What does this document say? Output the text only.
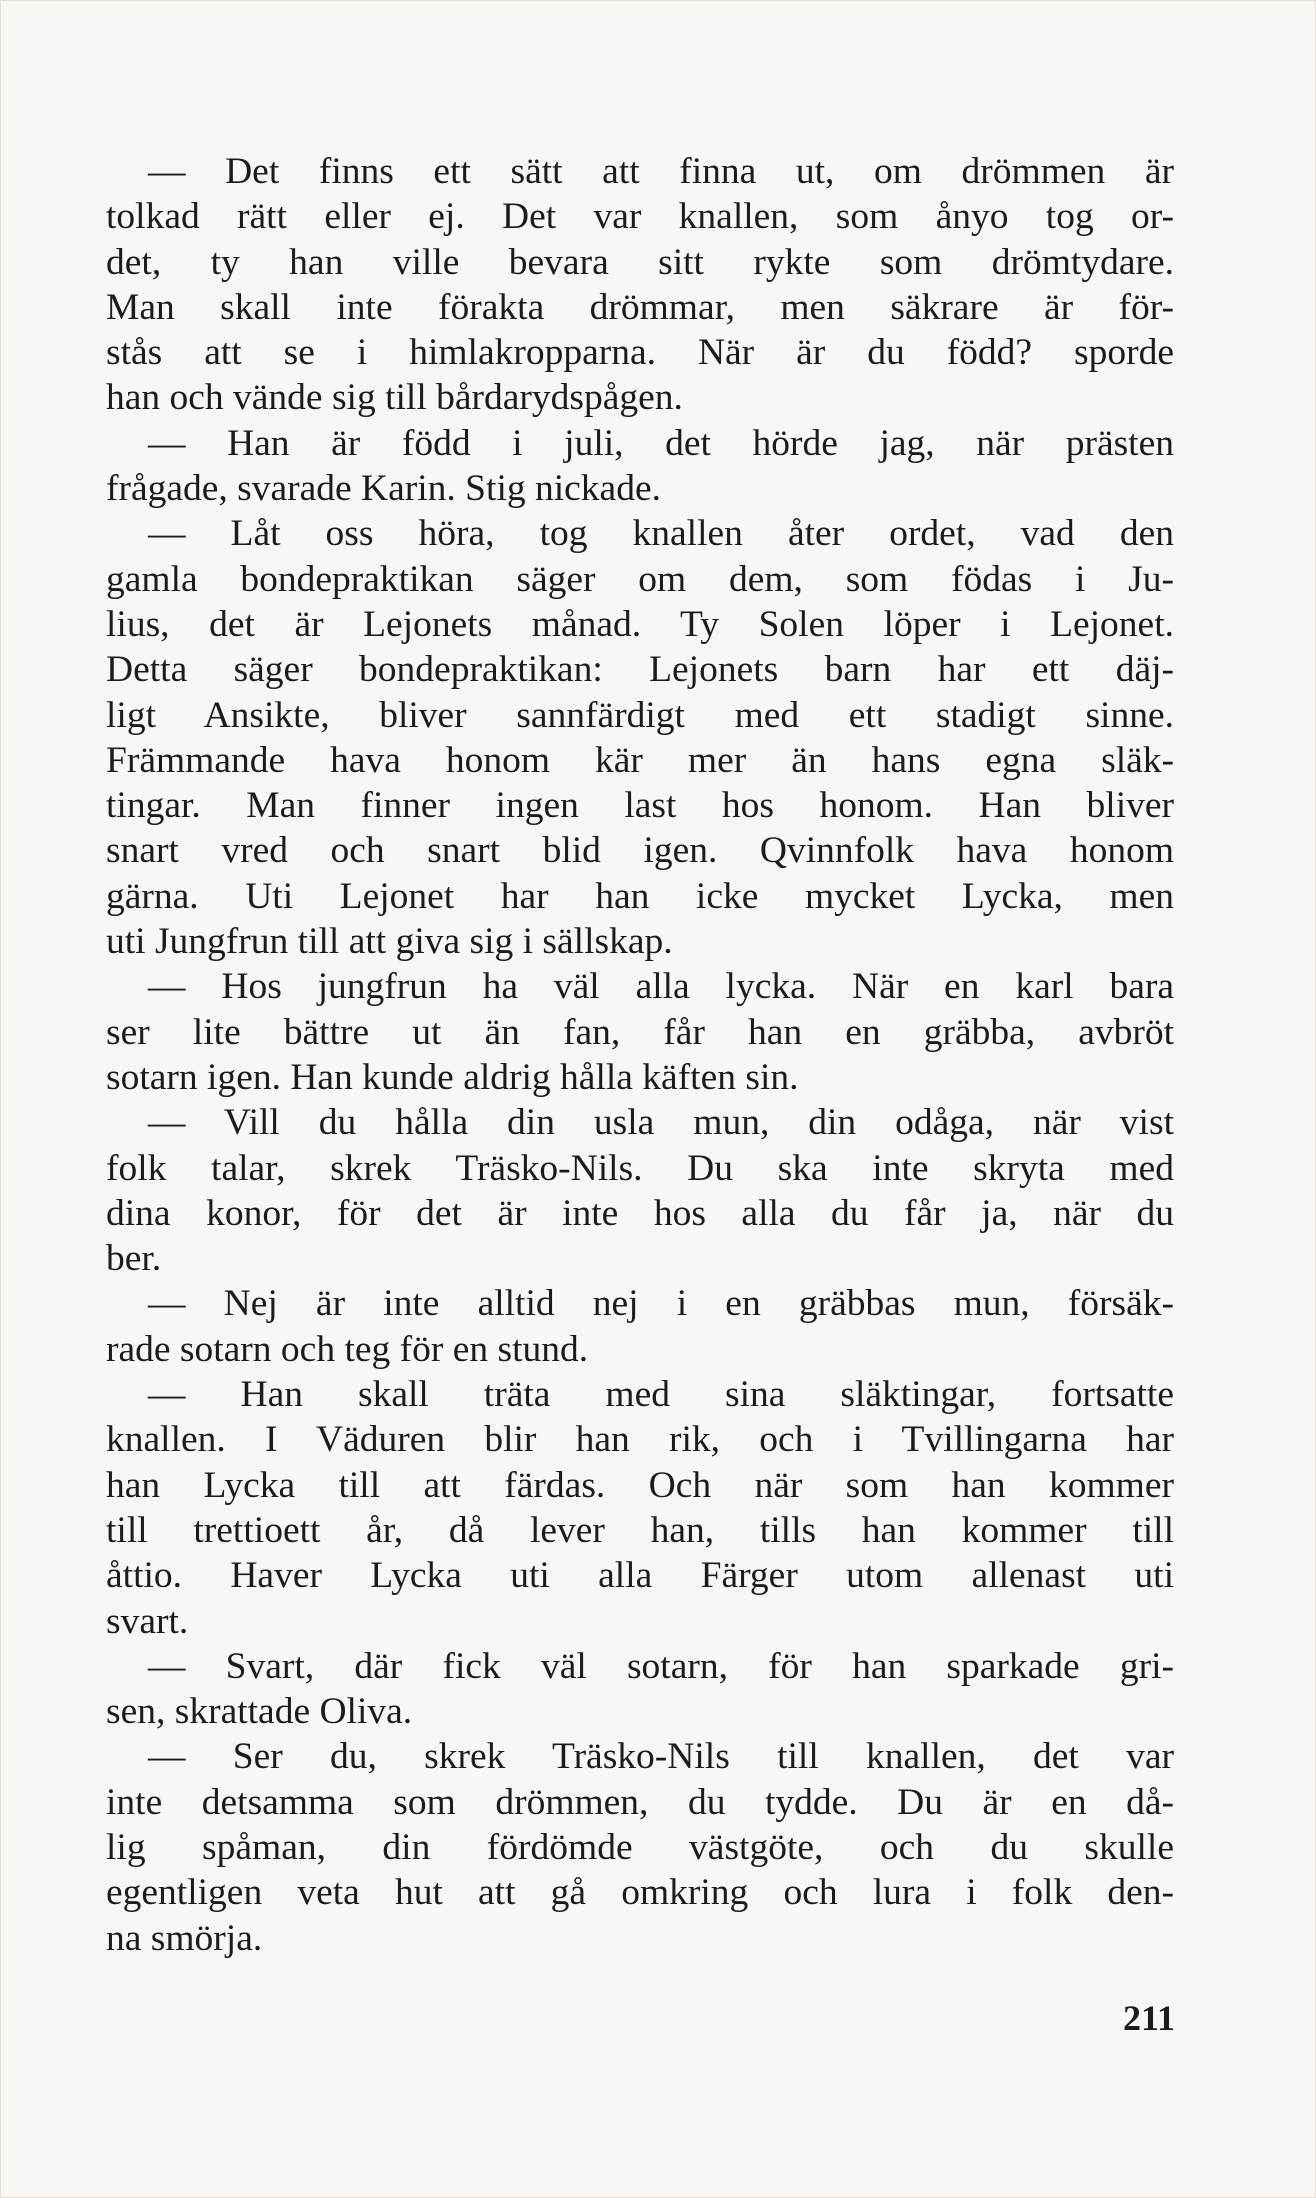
— Det finns ett sätt att finna ut, om drömmen är
tolkad rätt eller ej. Det var knallen, som ånyo tog or-
det, ty han ville bevara sitt rykte som drömtydare.
Man skall inte förakta drömmar, men säkrare är för-
stås att se i himlakropparna. När är du född? sporde
han och vände sig till bårdarydspågen.
— Han är född i juli, det hörde jag, när prästen
frågade, svarade Karin. Stig nickade.
— Låt oss höra, tog knallen åter ordet, vad den
gamla bondepraktikan säger om dem, som födas i Ju-
lius, det är Lejonets månad. Ty Solen löper i Lejonet.
Detta säger bondepraktikan: Lejonets barn har ett däj-
ligt Ansikte, bliver sannfärdigt med ett stadigt sinne.
Främmande hava honom kär mer än hans egna släk-
tingar. Man finner ingen last hos honom. Han bliver
snart vred och snart blid igen. Qvinnfolk hava honom
gärna. Uti Lejonet har han icke mycket Lycka, men
uti Jungfrun till att giva sig i sällskap.
— Hos jungfrun ha väl alla lycka. När en karl bara
ser lite bättre ut än fan, får han en gräbba, avbröt
sotarn igen. Han kunde aldrig hålla käften sin.
— Vill du hålla din usla mun, din odåga, när vist
folk talar, skrek Träsko-Nils. Du ska inte skryta med
dina konor, för det är inte hos alla du får ja, när du
ber.
— Nej är inte alltid nej i en gräbbas mun, försäk-
rade sotarn och teg för en stund.
— Han skall träta med sina släktingar, fortsatte
knallen. I Väduren blir han rik, och i Tvillingarna har
han Lycka till att färdas. Och när som han kommer
till trettioett år, då lever han, tills han kommer till
åttio. Haver Lycka uti alla Färger utom allenast uti
svart.
— Svart, där fick väl sotarn, för han sparkade gri-
sen, skrattade Oliva.
— Ser du, skrek Träsko-Nils till knallen, det var
inte detsamma som drömmen, du tydde. Du är en då-
lig spåman, din fördömde västgöte, och du skulle
egentligen veta hut att gå omkring och lura i folk den-
na smörja.
211
